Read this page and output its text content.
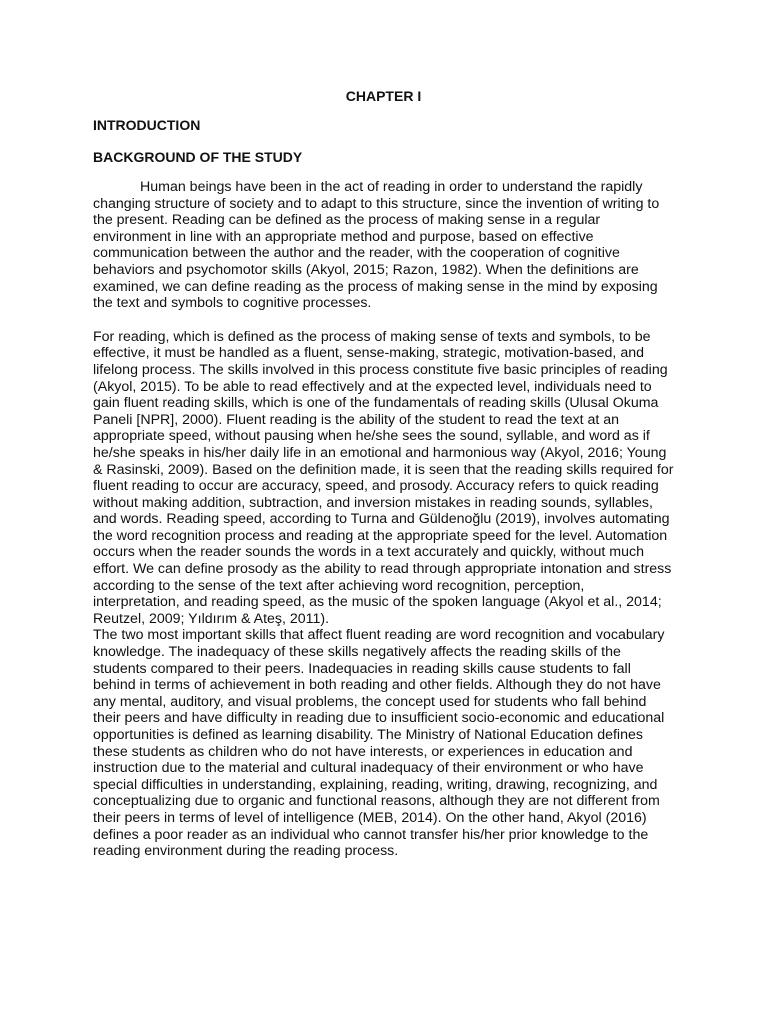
CHAPTER I
INTRODUCTION
BACKGROUND OF THE STUDY

Human beings have been in the act of reading in order to understand the rapidly changing structure of society and to adapt to this structure, since the invention of writing to the present. Reading can be defined as the process of making sense in a regular environment in line with an appropriate method and purpose, based on effective communication between the author and the reader, with the cooperation of cognitive behaviors and psychomotor skills (Akyol, 2015; Razon, 1982). When the definitions are examined, we can define reading as the process of making sense in the mind by exposing the text and symbols to cognitive processes.

For reading, which is defined as the process of making sense of texts and symbols, to be effective, it must be handled as a fluent, sense-making, strategic, motivation-based, and lifelong process. The skills involved in this process constitute five basic principles of reading (Akyol, 2015). To be able to read effectively and at the expected level, individuals need to gain fluent reading skills, which is one of the fundamentals of reading skills (Ulusal Okuma Paneli [NPR], 2000). Fluent reading is the ability of the student to read the text at an appropriate speed, without pausing when he/she sees the sound, syllable, and word as if he/she speaks in his/her daily life in an emotional and harmonious way (Akyol, 2016; Young & Rasinski, 2009). Based on the definition made, it is seen that the reading skills required for fluent reading to occur are accuracy, speed, and prosody. Accuracy refers to quick reading without making addition, subtraction, and inversion mistakes in reading sounds, syllables, and words. Reading speed, according to Turna and Güldenoğlu (2019), involves automating the word recognition process and reading at the appropriate speed for the level. Automation occurs when the reader sounds the words in a text accurately and quickly, without much effort. We can define prosody as the ability to read through appropriate intonation and stress according to the sense of the text after achieving word recognition, perception, interpretation, and reading speed, as the music of the spoken language (Akyol et al., 2014; Reutzel, 2009; Yıldırım & Ateş, 2011).

The two most important skills that affect fluent reading are word recognition and vocabulary knowledge. The inadequacy of these skills negatively affects the reading skills of the students compared to their peers. Inadequacies in reading skills cause students to fall behind in terms of achievement in both reading and other fields. Although they do not have any mental, auditory, and visual problems, the concept used for students who fall behind their peers and have difficulty in reading due to insufficient socio-economic and educational opportunities is defined as learning disability. The Ministry of National Education defines these students as children who do not have interests, or experiences in education and instruction due to the material and cultural inadequacy of their environment or who have special difficulties in understanding, explaining, reading, writing, drawing, recognizing, and conceptualizing due to organic and functional reasons, although they are not different from their peers in terms of level of intelligence (MEB, 2014). On the other hand, Akyol (2016) defines a poor reader as an individual who cannot transfer his/her prior knowledge to the reading environment during the reading process.
